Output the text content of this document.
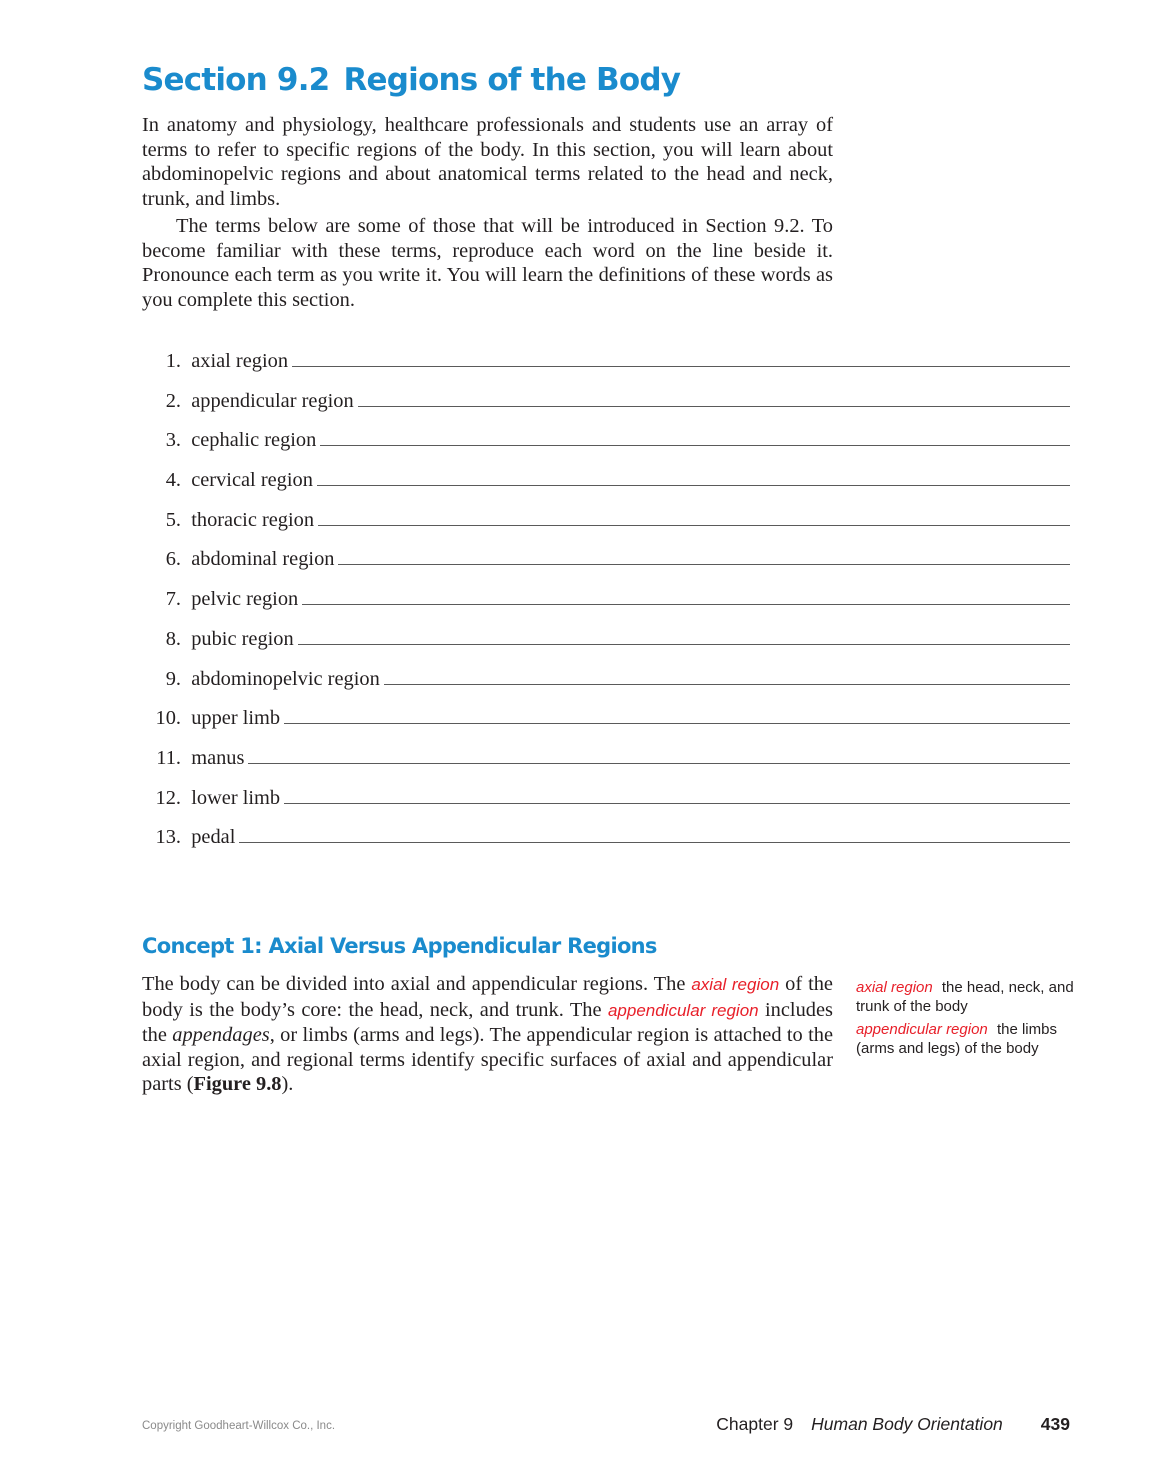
Section 9.2 Regions of the Body

In anatomy and physiology, healthcare professionals and students use an array of terms to refer to specific regions of the body. In this section, you will learn about abdominopelvic regions and about anatomical terms related to the head and neck, trunk, and limbs.

The terms below are some of those that will be introduced in Section 9.2. To become familiar with these terms, reproduce each word on the line beside it. Pronounce each term as you write it. You will learn the definitions of these words as you complete this section.

1.
axial region
2.
appendicular region
3.
cephalic region
4.
cervical region
5.
thoracic region
6.
abdominal region
7.
pelvic region
8.
pubic region
9.
abdominopelvic region
10.
upper limb
11.
manus
12.
lower limb
13.
pedal
Concept 1: Axial Versus Appendicular Regions

The body can be divided into axial and appendicular regions. The axial region of the body is the body’s core: the head, neck, and trunk. The appendicular region includes the appendages, or limbs (arms and legs). The appendicular region is attached to the axial region, and regional terms identify specific surfaces of axial and appendicular parts (Figure 9.8).

axial region the head, neck, and trunk of the body

appendicular region the limbs (arms and legs) of the body

Copyright Goodheart-Willcox Co., Inc.	Chapter 9 Human Body Orientation 439
